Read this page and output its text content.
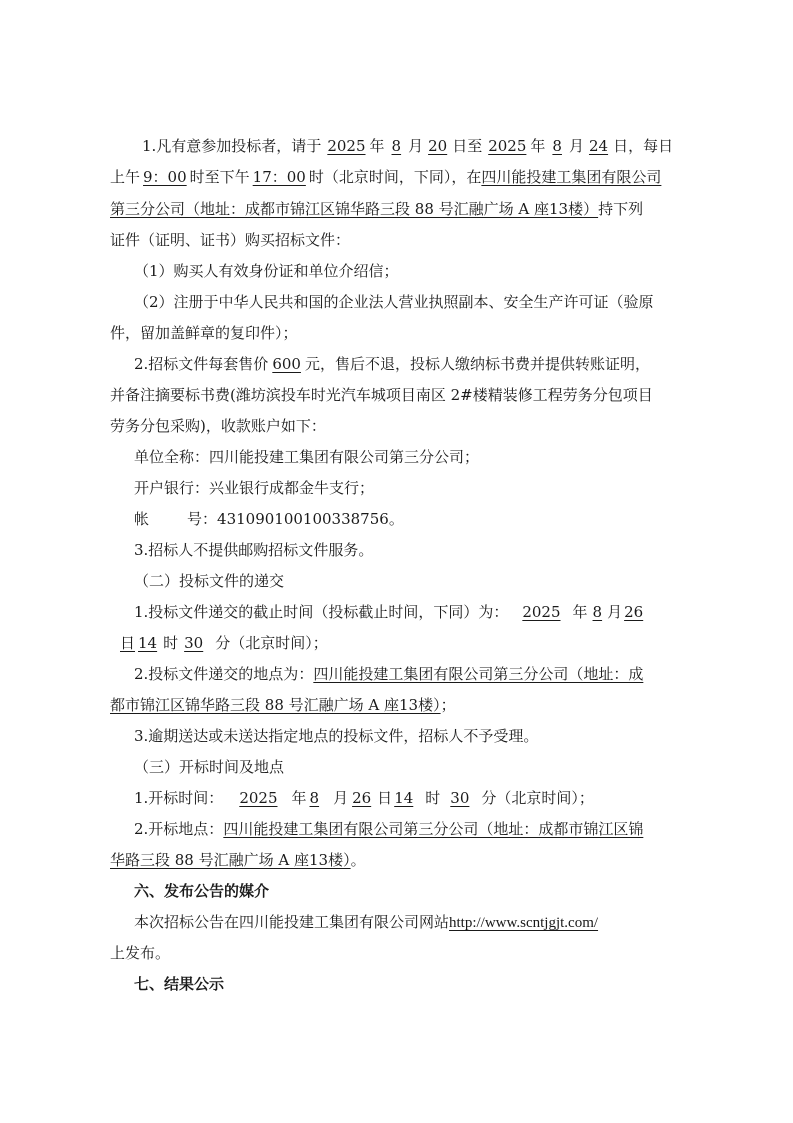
1.凡有意参加投标者，请于 2025 年 8 月 20 日至 2025 年 8 月 24 日，每日
上午 9：00 时至下午 17：00 时（北京时间，下同），在四川能投建工集团有限公司
第三分公司（地址：成都市锦江区锦华路三段 88 号汇融广场 A 座13楼）持下列
证件（证明、证书）购买招标文件：
（1）购买人有效身份证和单位介绍信；
（2）注册于中华人民共和国的企业法人营业执照副本、安全生产许可证（验原
件，留加盖鲜章的复印件）；
2.招标文件每套售价 600 元，售后不退，投标人缴纳标书费并提供转账证明，
并备注摘要标书费(潍坊滨投车时光汽车城项目南区 2#楼精装修工程劳务分包项目
劳务分包采购)，收款账户如下：
单位全称：四川能投建工集团有限公司第三分公司；
开户银行：兴业银行成都金牛支行；
帐	号：431090100100338756。
3.招标人不提供邮购招标文件服务。
（二）投标文件的递交
1.投标文件递交的截止时间（投标截止时间，下同）为： 2025 年 8 月 26
日 14 时 30 分（北京时间）；
2.投标文件递交的地点为：四川能投建工集团有限公司第三分公司（地址：成
都市锦江区锦华路三段 88 号汇融广场 A 座13楼）；
3.逾期送达或未送达指定地点的投标文件，招标人不予受理。
（三）开标时间及地点
1.开标时间： 2025 年 8 月 26 日 14 时 30 分（北京时间）；
2.开标地点：四川能投建工集团有限公司第三分公司（地址：成都市锦江区锦
华路三段 88 号汇融广场 A 座13楼）。
六、发布公告的媒介
本次招标公告在四川能投建工集团有限公司网站http://www.scntjgjt.com/
上发布。
七、结果公示
